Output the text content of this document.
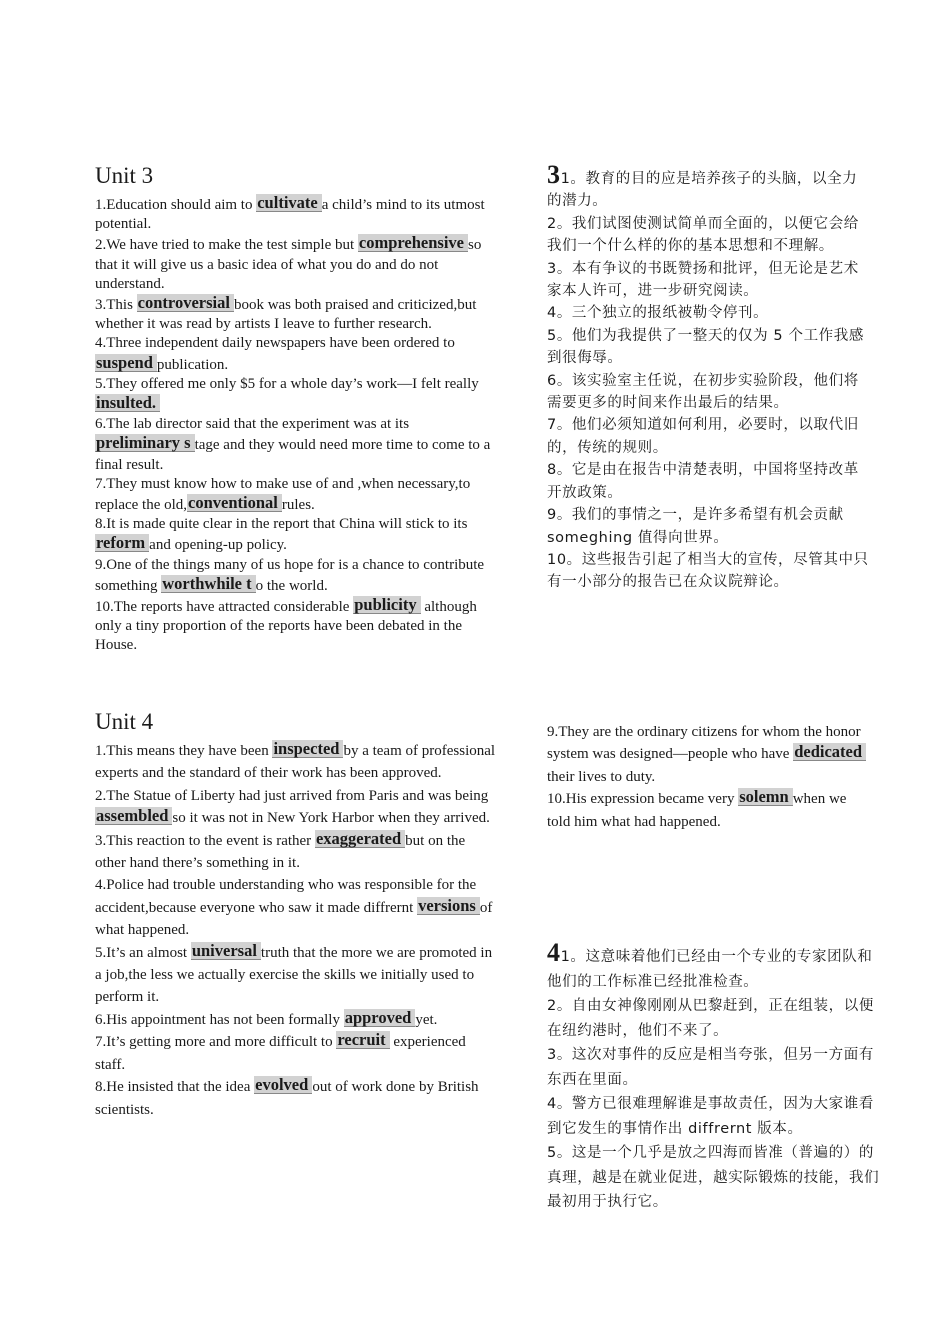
Unit 3
1.Education should aim to cultivate a child’s mind to its utmost potential.
2.We have tried to make the test simple but comprehensive so that it will give us a basic idea of what you do and do not understand.
3.This controversial book was both praised and criticized,but whether it was read by artists I leave to further research.
4.Three independent daily newspapers have been ordered to suspend publication.
5.They offered me only $5 for a whole day’s work—I felt really insulted.
6.The lab director said that the experiment was at its preliminary s tage and they would need more time to come to a final result.
7.They must know how to make use of and ,when necessary,to replace the old,conventional rules.
8.It is made quite clear in the report that China will stick to its reform and opening-up policy.
9.One of the things many of us hope for is a chance to contribute something worthwhile t o the world.
10.The reports have attracted considerable publicity although only a tiny proportion of the reports have been debated in the House.
31。教育的目的应是培养孩子的头脑，以全力的潜力。
2。我们试图使测试简单而全面的，以便它会给我们一个什么样的你的基本思想和不理解。
3。本有争议的书既赞扬和批评，但无论是艺术家本人许可，进一步研究阅读。
4。三个独立的报纸被勒令停刊。
5。他们为我提供了一整天的仅为 5 个工作我感到很侮辱。
6。该实验室主任说，在初步实验阶段，他们将需要更多的时间来作出最后的结果。
7。他们必须知道如何利用，必要时，以取代旧的，传统的规则。
8。它是由在报告中清楚表明，中国将坚持改革开放政策。
9。我们的事情之一，是许多希望有机会贡献 someghing 值得向世界。
10。这些报告引起了相当大的宣传，尽管其中只有一小部分的报告已在众议院辩论。
Unit 4
1.This means they have been inspected by a team of professional experts and the standard of their work has been approved.
2.The Statue of Liberty had just arrived from Paris and was being assembled so it was not in New York Harbor when they arrived.
3.This reaction to the event is rather exaggerated but on the other hand there’s something in it.
4.Police had trouble understanding who was responsible for the accident,because everyone who saw it made diffrernt versions of what happened.
5.It’s an almost universal truth that the more we are promoted in a job,the less we actually exercise the skills we initially used to perform it.
6.His appointment has not been formally approved yet.
7.It’s getting more and more difficult to recruit experienced staff.
8.He insisted that the idea evolved out of work done by British scientists.
9.They are the ordinary citizens for whom the honor system was designed—people who have dedicatedtheir lives to duty.
10.His expression became very solemn when we told him what had happened.
41。这意味着他们已经由一个专业的专家团队和他们的工作标准已经批准检查。
2。自由女神像刚刚从巴黎赶到，正在组装，以便在纽约港时，他们不来了。
3。这次对事件的反应是相当夸张，但另一方面有东西在里面。
4。警方已很难理解谁是事故责任，因为大家谁看到它发生的事情作出 diffrernt 版本。
5。这是一个几乎是放之四海而皆准（普遍的）的真理，越是在就业促进，越实际锻炼的技能，我们最初用于执行它。
